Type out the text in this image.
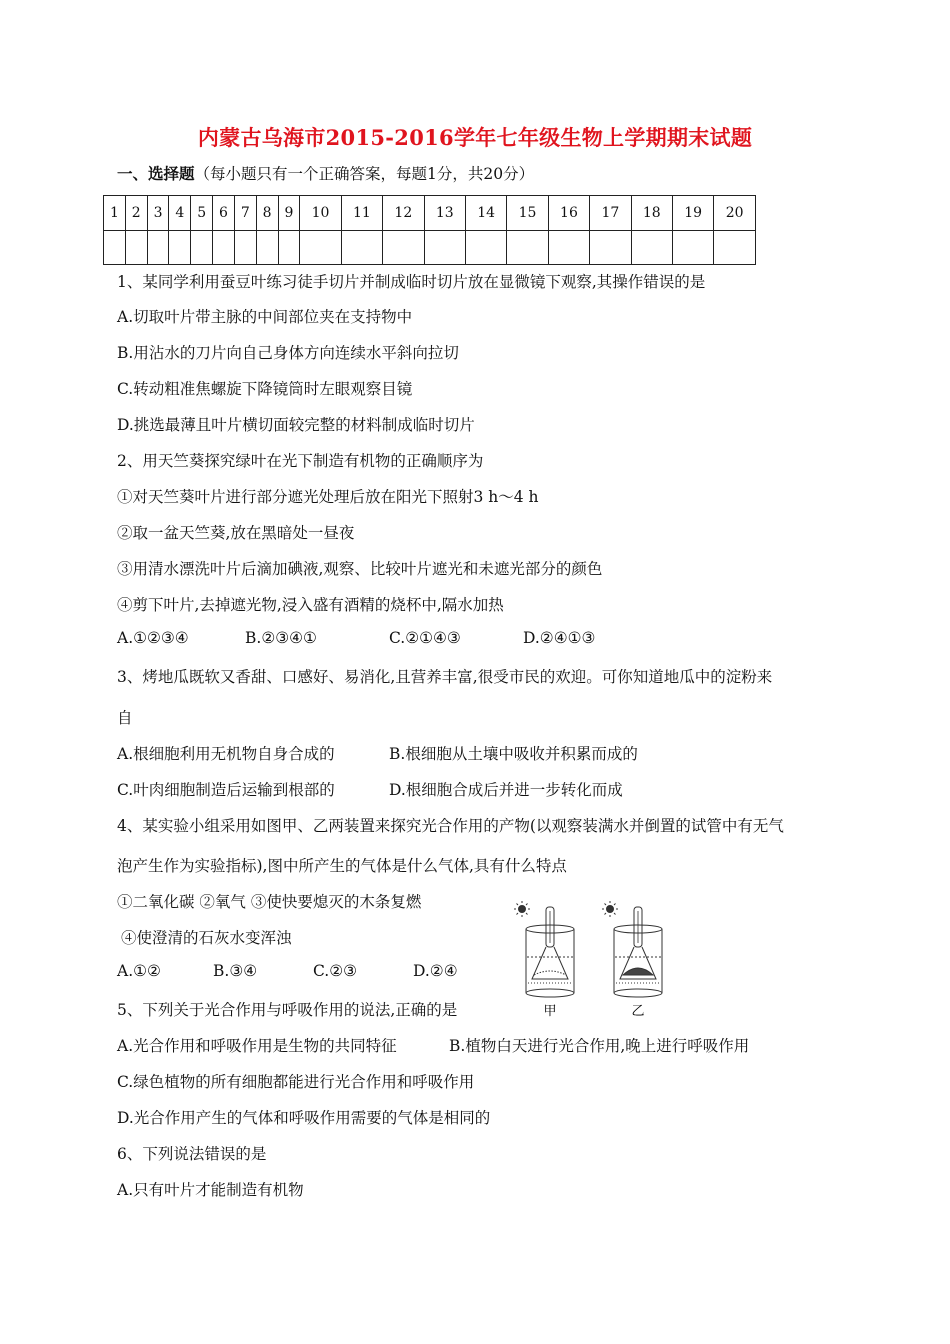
内蒙古乌海市2015-2016学年七年级生物上学期期末试题
一、选择题（每小题只有一个正确答案，每题1分，共20分）
1	2	3	4	5	6	7	8	9	10	11	12	13	14	15	16	17	18	19	20

1、某同学利用蚕豆叶练习徒手切片并制成临时切片放在显微镜下观察,其操作错误的是
A.切取叶片带主脉的中间部位夹在支持物中
B.用沾水的刀片向自己身体方向连续水平斜向拉切
C.转动粗准焦螺旋下降镜筒时左眼观察目镜
D.挑选最薄且叶片横切面较完整的材料制成临时切片
2、用天竺葵探究绿叶在光下制造有机物的正确顺序为
①对天竺葵叶片进行部分遮光处理后放在阳光下照射3 h～4 h
②取一盆天竺葵,放在黑暗处一昼夜
③用清水漂洗叶片后滴加碘液,观察、比较叶片遮光和未遮光部分的颜色
④剪下叶片,去掉遮光物,浸入盛有酒精的烧杯中,隔水加热
A.①②③④	B.②③④①	C.②①④③	D.②④①③
3、烤地瓜既软又香甜、口感好、易消化,且营养丰富,很受市民的欢迎。可你知道地瓜中的淀粉来
自
A.根细胞利用无机物自身合成的	B.根细胞从土壤中吸收并积累而成的
C.叶肉细胞制造后运输到根部的	D.根细胞合成后并进一步转化而成
4、某实验小组采用如图甲、乙两装置来探究光合作用的产物(以观察装满水并倒置的试管中有无气
泡产生作为实验指标),图中所产生的气体是什么气体,具有什么特点
①二氧化碳 ②氧气 ③使快要熄灭的木条复燃
④使澄清的石灰水变浑浊
A.①②	B.③④	C.②③	D.②④
甲	乙
5、下列关于光合作用与呼吸作用的说法,正确的是
A.光合作用和呼吸作用是生物的共同特征	B.植物白天进行光合作用,晚上进行呼吸作用
C.绿色植物的所有细胞都能进行光合作用和呼吸作用
D.光合作用产生的气体和呼吸作用需要的气体是相同的
6、下列说法错误的是
A.只有叶片才能制造有机物
